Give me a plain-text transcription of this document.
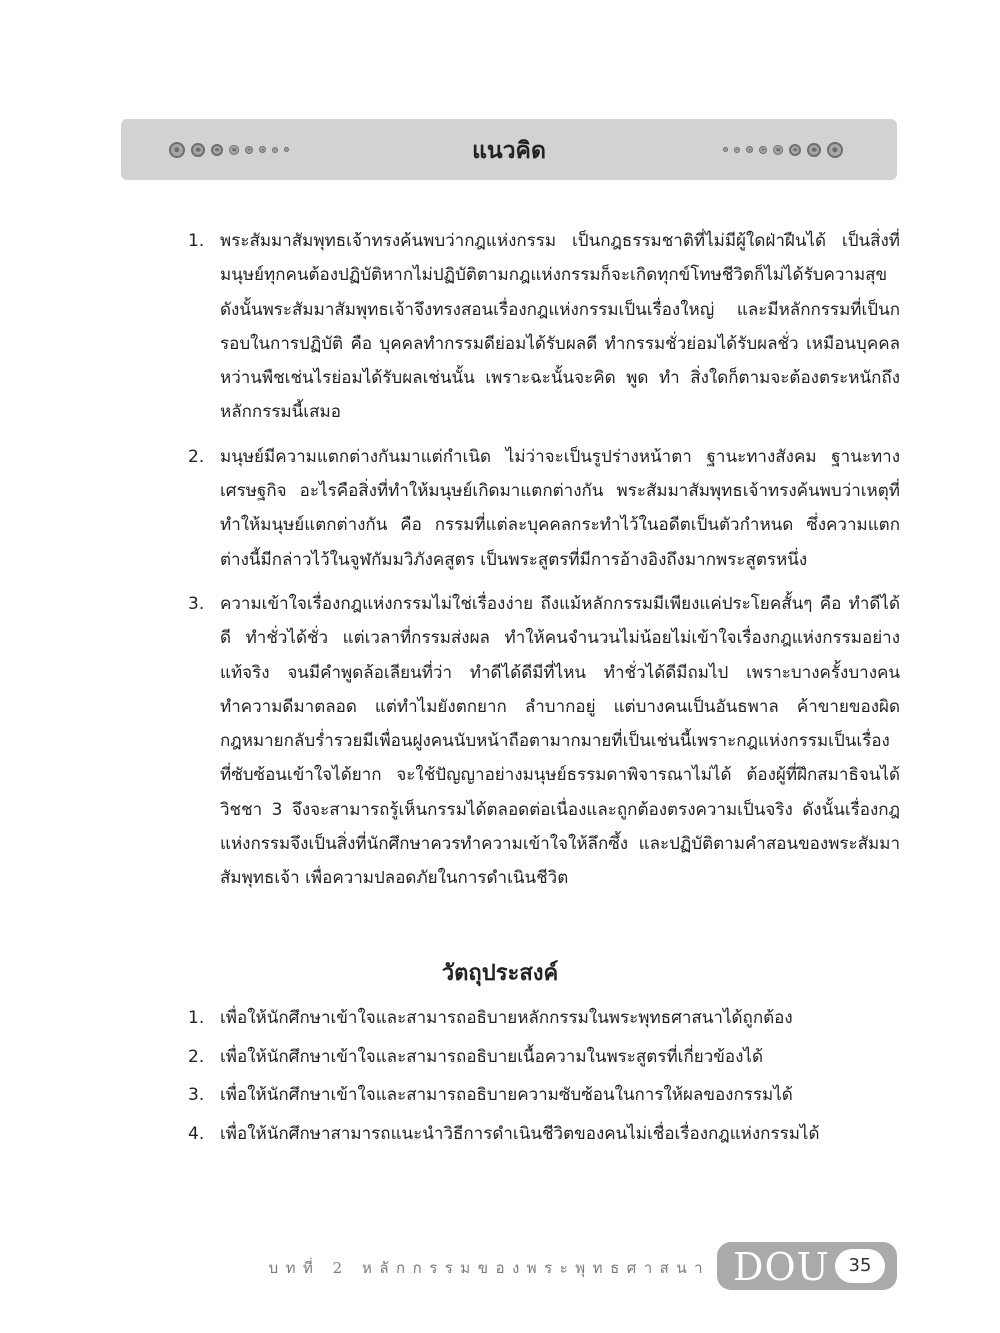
แนวคิด
1. พระสัมมาสัมพุทธเจ้าทรงค้นพบว่ากฎแห่งกรรม เป็นกฎธรรมชาติที่ไม่มีผู้ใดฝ่าฝืนได้ เป็นสิ่งที่มนุษย์ทุกคนต้องปฏิบัติหากไม่ปฏิบัติตามกฎแห่งกรรมก็จะเกิดทุกข์โทษชีวิตก็ไม่ได้รับความสุข ดังนั้นพระสัมมาสัมพุทธเจ้าจึงทรงสอนเรื่องกฎแห่งกรรมเป็นเรื่องใหญ่ และมีหลักกรรมที่เป็นกรอบในการปฏิบัติ คือ บุคคลทำกรรมดีย่อมได้รับผลดี ทำกรรมชั่วย่อมได้รับผลชั่ว เหมือนบุคคลหว่านพืชเช่นไรย่อมได้รับผลเช่นนั้น เพราะฉะนั้นจะคิด พูด ทำ สิ่งใดก็ตามจะต้องตระหนักถึงหลักกรรมนี้เสมอ
2. มนุษย์มีความแตกต่างกันมาแต่กำเนิด ไม่ว่าจะเป็นรูปร่างหน้าตา ฐานะทางสังคม ฐานะทางเศรษฐกิจ อะไรคือสิ่งที่ทำให้มนุษย์เกิดมาแตกต่างกัน พระสัมมาสัมพุทธเจ้าทรงค้นพบว่าเหตุที่ทำให้มนุษย์แตกต่างกัน คือ กรรมที่แต่ละบุคคลกระทำไว้ในอดีตเป็นตัวกำหนด ซึ่งความแตกต่างนี้มีกล่าวไว้ในจูฬกัมมวิภังคสูตร เป็นพระสูตรที่มีการอ้างอิงถึงมากพระสูตรหนึ่ง
3. ความเข้าใจเรื่องกฎแห่งกรรมไม่ใช่เรื่องง่าย ถึงแม้หลักกรรมมีเพียงแค่ประโยคสั้นๆ คือ ทำดีได้ดี ทำชั่วได้ชั่ว แต่เวลาที่กรรมส่งผล ทำให้คนจำนวนไม่น้อยไม่เข้าใจเรื่องกฎแห่งกรรมอย่างแท้จริง จนมีคำพูดล้อเลียนที่ว่า ทำดีได้ดีมีที่ไหน ทำชั่วได้ดีมีถมไป เพราะบางครั้งบางคนทำความดีมาตลอด แต่ทำไมยังตกยาก ลำบากอยู่ แต่บางคนเป็นอันธพาล ค้าขายของผิดกฎหมายกลับร่ำรวยมีเพื่อนฝูงคนนับหน้าถือตามากมายที่เป็นเช่นนี้เพราะกฎแห่งกรรมเป็นเรื่องที่ซับซ้อนเข้าใจได้ยาก จะใช้ปัญญาอย่างมนุษย์ธรรมดาพิจารณาไม่ได้ ต้องผู้ที่ฝึกสมาธิจนได้วิชชา 3 จึงจะสามารถรู้เห็นกรรมได้ตลอดต่อเนื่องและถูกต้องตรงความเป็นจริง ดังนั้นเรื่องกฎแห่งกรรมจึงเป็นสิ่งที่นักศึกษาควรทำความเข้าใจให้ลึกซึ้ง และปฏิบัติตามคำสอนของพระสัมมาสัมพุทธเจ้า เพื่อความปลอดภัยในการดำเนินชีวิต
วัตถุประสงค์
1. เพื่อให้นักศึกษาเข้าใจและสามารถอธิบายหลักกรรมในพระพุทธศาสนาได้ถูกต้อง
2. เพื่อให้นักศึกษาเข้าใจและสามารถอธิบายเนื้อความในพระสูตรที่เกี่ยวข้องได้
3. เพื่อให้นักศึกษาเข้าใจและสามารถอธิบายความซับซ้อนในการให้ผลของกรรมได้
4. เพื่อให้นักศึกษาสามารถแนะนำวิธีการดำเนินชีวิตของคนไม่เชื่อเรื่องกฎแห่งกรรมได้
บทที่ 2 หลักกรรมของพระพุทธศาสนา DOU	35
